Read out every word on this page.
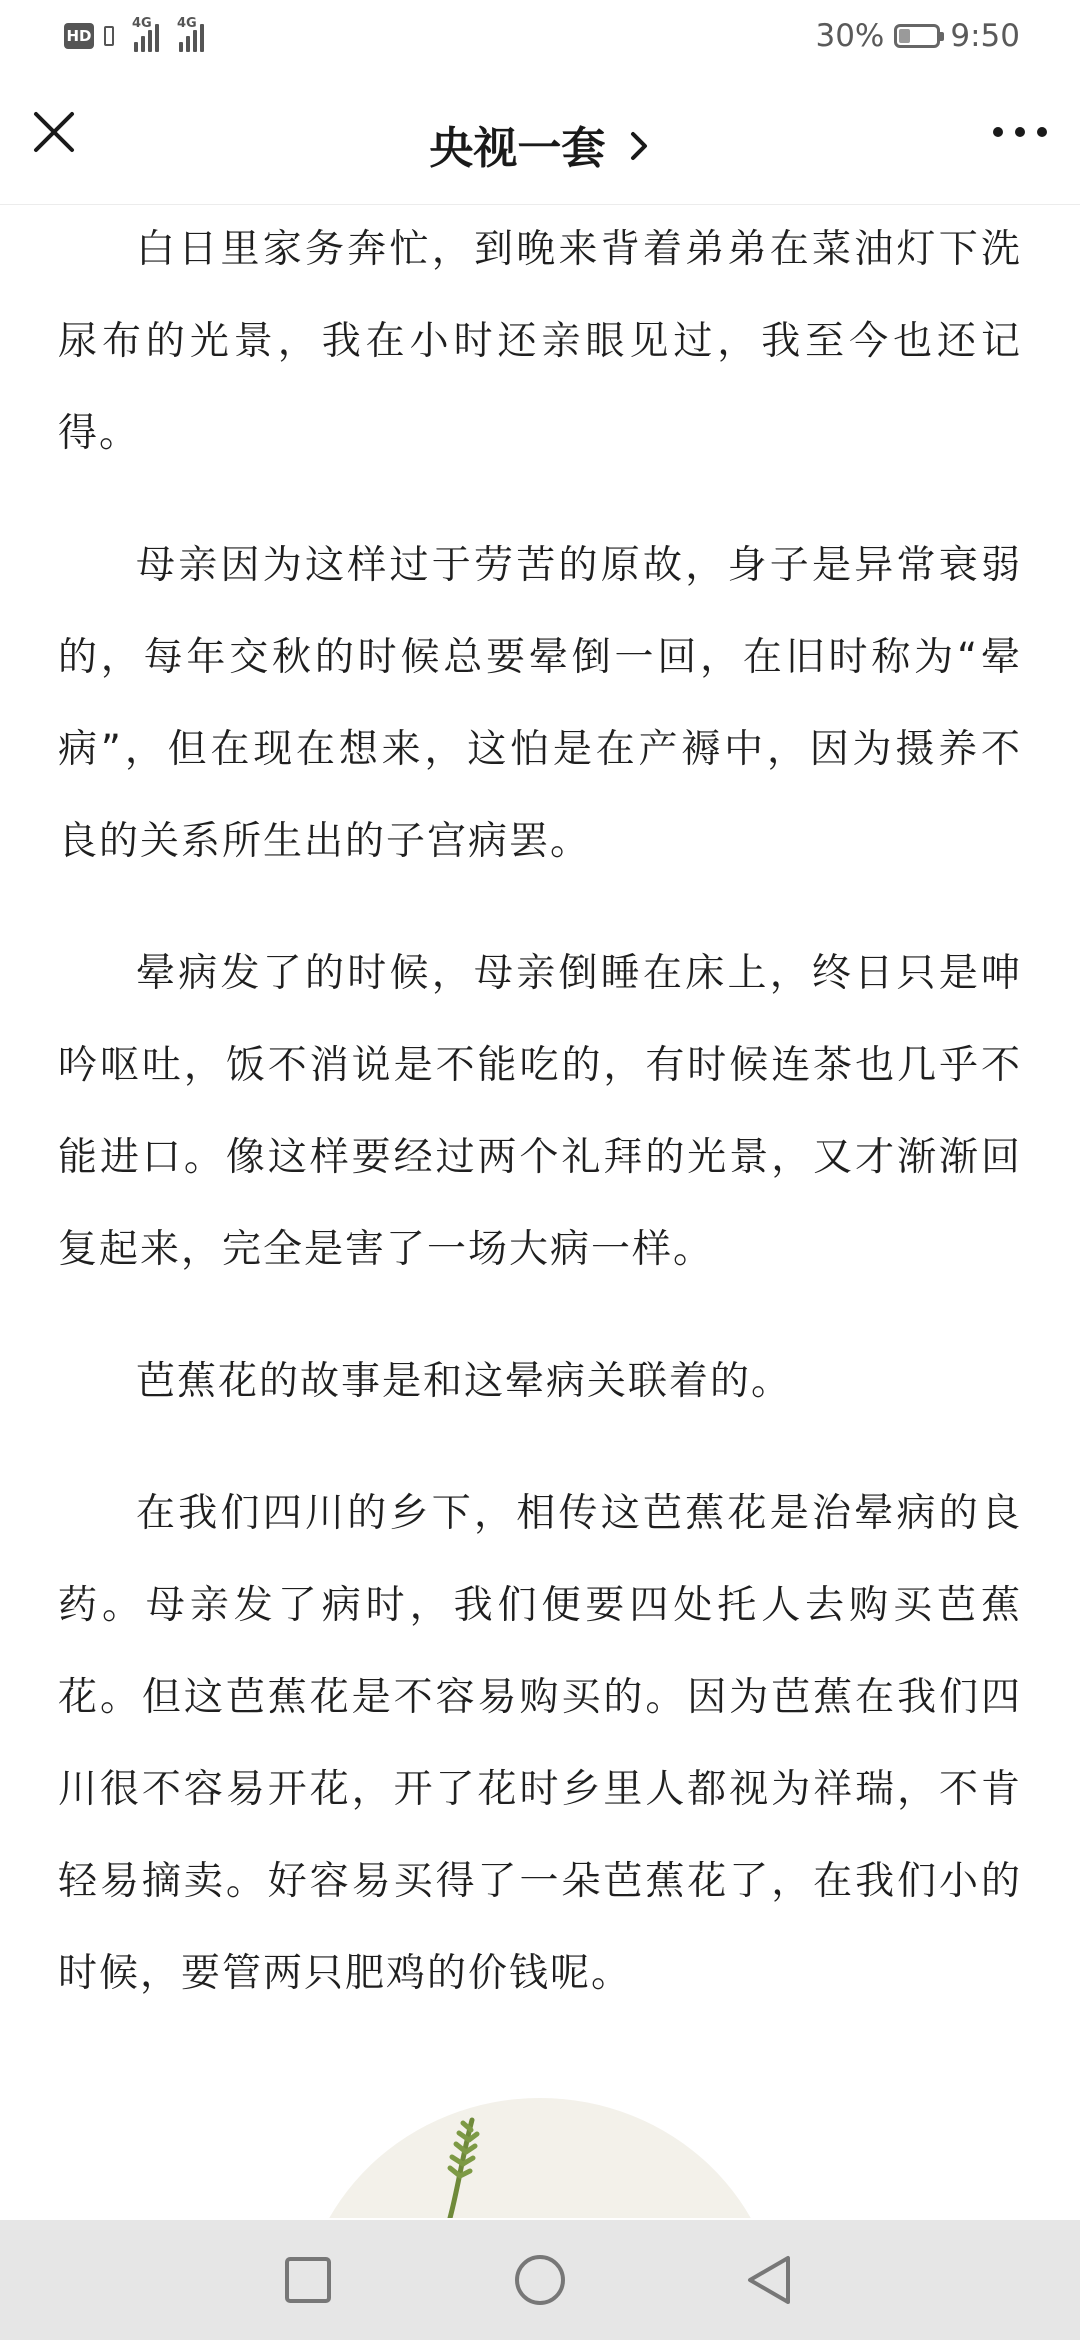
HD
4G 4G	30% 9:50
央视一套

白日里家务奔忙，到晚来背着弟弟在菜油灯下洗尿布的光景，我在小时还亲眼见过，我至今也还记得。

母亲因为这样过于劳苦的原故，身子是异常衰弱的，每年交秋的时候总要晕倒一回，在旧时称为“晕病”，但在现在想来，这怕是在产褥中，因为摄养不良的关系所生出的子宫病罢。

晕病发了的时候，母亲倒睡在床上，终日只是呻吟呕吐，饭不消说是不能吃的，有时候连茶也几乎不能进口。像这样要经过两个礼拜的光景，又才渐渐回复起来，完全是害了一场大病一样。

芭蕉花的故事是和这晕病关联着的。

在我们四川的乡下，相传这芭蕉花是治晕病的良药。母亲发了病时，我们便要四处托人去购买芭蕉花。但这芭蕉花是不容易购买的。因为芭蕉在我们四川很不容易开花，开了花时乡里人都视为祥瑞，不肯轻易摘卖。好容易买得了一朵芭蕉花了，在我们小的时候，要管两只肥鸡的价钱呢。
